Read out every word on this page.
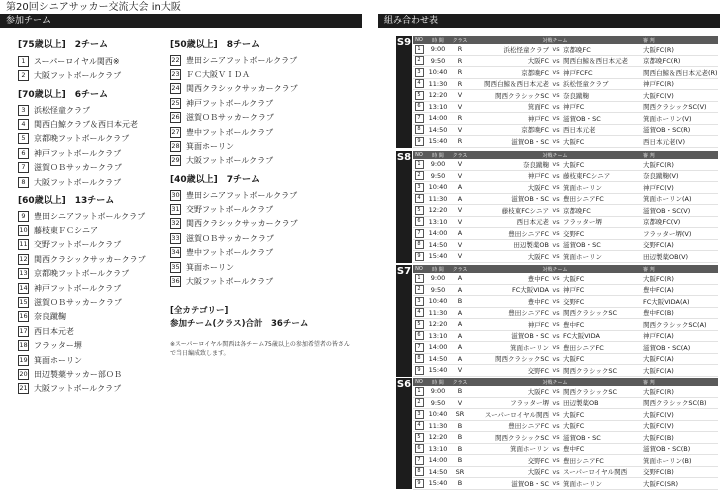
第20回シニアサッカー交流大会 in大阪
参加チーム	組み合わせ表
[75歳以上]　2チーム
1	スーパーロイヤル関西※
2	大阪フットボールクラブ
[70歳以上]　6チーム
3	浜松怪童クラブ
4	関西白鯨クラブ＆西日本元老
5	京都晩フットボールクラブ
6	神戸フットボールクラブ
7	滋賀ＯＢサッカークラブ
8	大阪フットボールクラブ
[60歳以上]　13チーム
9	豊田シニアフットボールクラブ
10 藤枝東ＦＣシニア
11 交野フットボールクラブ
12 関西クラシックサッカークラブ
13 京都晩フットボールクラブ
14 神戸フットボールクラブ
15 滋賀ＯＢサッカークラブ
16 奈良蹴鞠
17 西日本元老
18 フラッター堺
19 箕面ホーリン
20 田辺製薬サッカー部ＯＢ
21 大阪フットボールクラブ
[50歳以上]　8チーム
22 豊田シニアフットボールクラブ
23 ＦＣ大阪ＶＩＤＡ
24 関西クラシックサッカークラブ
25 神戸フットボールクラブ
26 滋賀ＯＢサッカークラブ
27 豊中フットボールクラブ
28 箕面ホーリン
29 大阪フットボールクラブ
[40歳以上]　7チーム
30 豊田シニアフットボールクラブ
31 交野フットボールクラブ
32 関西クラシックサッカークラブ
33 滋賀ＯＢサッカークラブ
34 豊中フットボールクラブ
35 箕面ホーリン
36 大阪フットボールクラブ
[全カテゴリー]
参加チーム(クラス)合計　36チーム
※スーパーロイヤル関西は各チーム75歳以上の参加希望者の皆さんで当日編成致します。
S9 NO	時 間	クラス	対戦チーム	審 判
1	9:00	R	浜松怪童クラブ vs 京都晩FC	大阪FC(R)
2	9:50	R	大阪FC vs 関西白鯨＆西日本元老	京都晩FC(R)
3	10:40	R	京都晩FC vs 神戸FCFC	関西白鯨＆西日本元老(R)
4	11:30	R	関西白鯨＆西日本元老 vs 浜松怪童クラブ	神戸FC(R)
5	12:20	V	関西クラシックSC vs 奈良蹴鞠	大阪FC(V)
6	13:10	V	箕面FC vs 神戸FC	関西クラシックSC(V)
7	14:00	R	神戸FC vs 滋賀OB・SC	箕面ホーリン(V)
8	14:50	V	京都晩FC vs 西日本元老	滋賀OB・SC(R)
9	15:40	R	滋賀OB・SC vs 大阪FC	西日本元老(V)
S8 NO	時 間	クラス	対戦チーム	審 判
1	9:00	V	奈良蹴鞠 vs 大阪FC	大阪FC(R)
2	9:50	V	神戸FC vs 藤枝東FCシニア	奈良蹴鞠(V)
3	10:40	A	大阪FC vs 箕面ホーリン	神戸FC(V)
4	11:30	A	滋賀OB・SC vs 豊田シニアFC	箕面ホーリン(A)
5	12:20	V	藤枝東FCシニア vs 京都晩FC	滋賀OB・SC(V)
6	13:10	V	西日本元老 vs フラッター堺	京都晩FC(V)
7	14:00	A	豊田シニアFC vs 交野FC	フラッター堺(V)
8	14:50	V	田辺製薬OB vs 滋賀OB・SC	交野FC(A)
9	15:40	V	大阪FC vs 箕面ホーリン	田辺製薬OB(V)
S7 NO	時 間	クラス	対戦チーム	審 判
1	9:00	A	豊中FC vs 大阪FC	大阪FC(R)
2	9:50	A	FC大阪VIDA vs 神戸FC	豊中FC(A)
3	10:40	B	豊中FC vs 交野FC	FC大阪VIDA(A)
4	11:30	A	豊田シニアFC vs 関西クラシックSC	豊中FC(B)
5	12:20	A	神戸FC vs 豊中FC	関西クラシックSC(A)
6	13:10	A	滋賀OB・SC vs FC大阪VIDA	神戸FC(A)
7	14:00	A	箕面ホーリン vs 豊田シニアFC	滋賀OB・SC(A)
8	14:50	A	関西クラシックSC vs 大阪FC	大阪FC(A)
9	15:40	V	交野FC vs 関西クラシックSC	大阪FC(A)
S6 NO	時 間	クラス	対戦チーム	審 判
1	9:00	B	大阪FC vs 関西クラシックSC	大阪FC(R)
2	9:50	V	フラッター堺 vs 田辺製薬OB	関西クラシックSC(B)
3	10:40	SR	スーパーロイヤル関西 vs 大阪FC	大阪FC(V)
4	11:30	B	豊田シニアFC vs 大阪FC	大阪FC(V)
5	12:20	B	関西クラシックSC vs 滋賀OB・SC	大阪FC(B)
6	13:10	B	箕面ホーリン vs 豊中FC	滋賀OB・SC(B)
7	14:00	B	交野FC vs 豊田シニアFC	箕面ホーリン(B)
8	14:50	SR	大阪FC vs スーパーロイヤル関西	交野FC(B)
9	15:40	B	滋賀OB・SC vs 箕面ホーリン	大阪FC(SR)
